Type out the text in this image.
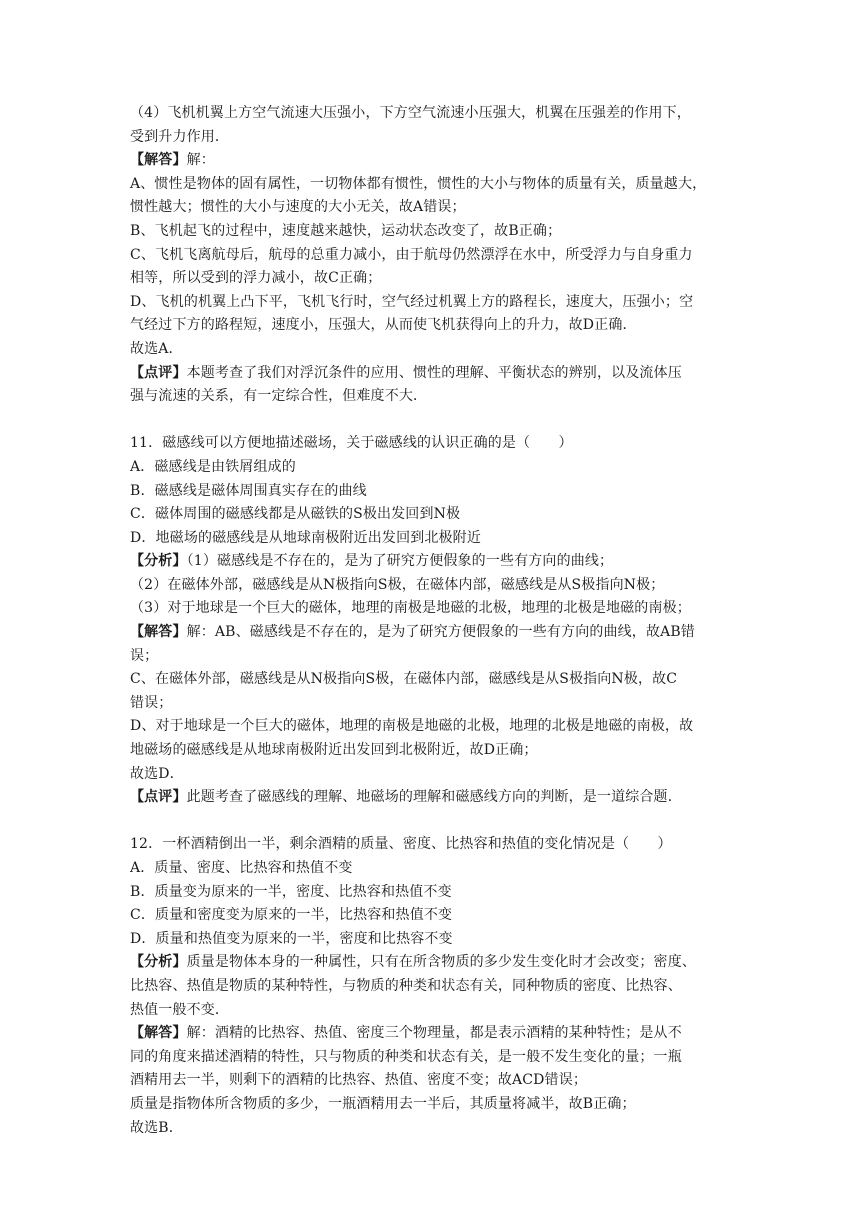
（4）飞机机翼上方空气流速大压强小，下方空气流速小压强大，机翼在压强差的作用下，
受到升力作用．
【解答】解：
A、惯性是物体的固有属性，一切物体都有惯性，惯性的大小与物体的质量有关，质量越大，
惯性越大；惯性的大小与速度的大小无关，故A错误；
B、飞机起飞的过程中，速度越来越快，运动状态改变了，故B正确；
C、飞机飞离航母后，航母的总重力减小，由于航母仍然漂浮在水中，所受浮力与自身重力
相等，所以受到的浮力减小，故C正确；
D、飞机的机翼上凸下平，飞机飞行时，空气经过机翼上方的路程长，速度大，压强小；空
气经过下方的路程短，速度小，压强大，从而使飞机获得向上的升力，故D正确．
故选A．
【点评】本题考查了我们对浮沉条件的应用、惯性的理解、平衡状态的辨别，以及流体压
强与流速的关系，有一定综合性，但难度不大．
11．磁感线可以方便地描述磁场，关于磁感线的认识正确的是（　　）
A．磁感线是由铁屑组成的
B．磁感线是磁体周围真实存在的曲线
C．磁体周围的磁感线都是从磁铁的S极出发回到N极
D．地磁场的磁感线是从地球南极附近出发回到北极附近
【分析】（1）磁感线是不存在的，是为了研究方便假象的一些有方向的曲线；
（2）在磁体外部，磁感线是从N极指向S极，在磁体内部，磁感线是从S极指向N极；
（3）对于地球是一个巨大的磁体，地理的南极是地磁的北极，地理的北极是地磁的南极；
【解答】解：AB、磁感线是不存在的，是为了研究方便假象的一些有方向的曲线，故AB错
误；
C、在磁体外部，磁感线是从N极指向S极，在磁体内部，磁感线是从S极指向N极，故C
错误；
D、对于地球是一个巨大的磁体，地理的南极是地磁的北极，地理的北极是地磁的南极，故
地磁场的磁感线是从地球南极附近出发回到北极附近，故D正确；
故选D．
【点评】此题考查了磁感线的理解、地磁场的理解和磁感线方向的判断，是一道综合题．
12．一杯酒精倒出一半，剩余酒精的质量、密度、比热容和热值的变化情况是（　　）
A．质量、密度、比热容和热值不变
B．质量变为原来的一半，密度、比热容和热值不变
C．质量和密度变为原来的一半，比热容和热值不变
D．质量和热值变为原来的一半，密度和比热容不变
【分析】质量是物体本身的一种属性，只有在所含物质的多少发生变化时才会改变；密度、
比热容、热值是物质的某种特性，与物质的种类和状态有关，同种物质的密度、比热容、
热值一般不变．
【解答】解：酒精的比热容、热值、密度三个物理量，都是表示酒精的某种特性；是从不
同的角度来描述酒精的特性，只与物质的种类和状态有关，是一般不发生变化的量；一瓶
酒精用去一半，则剩下的酒精的比热容、热值、密度不变；故ACD错误；
质量是指物体所含物质的多少，一瓶酒精用去一半后，其质量将减半，故B正确；
故选B．
